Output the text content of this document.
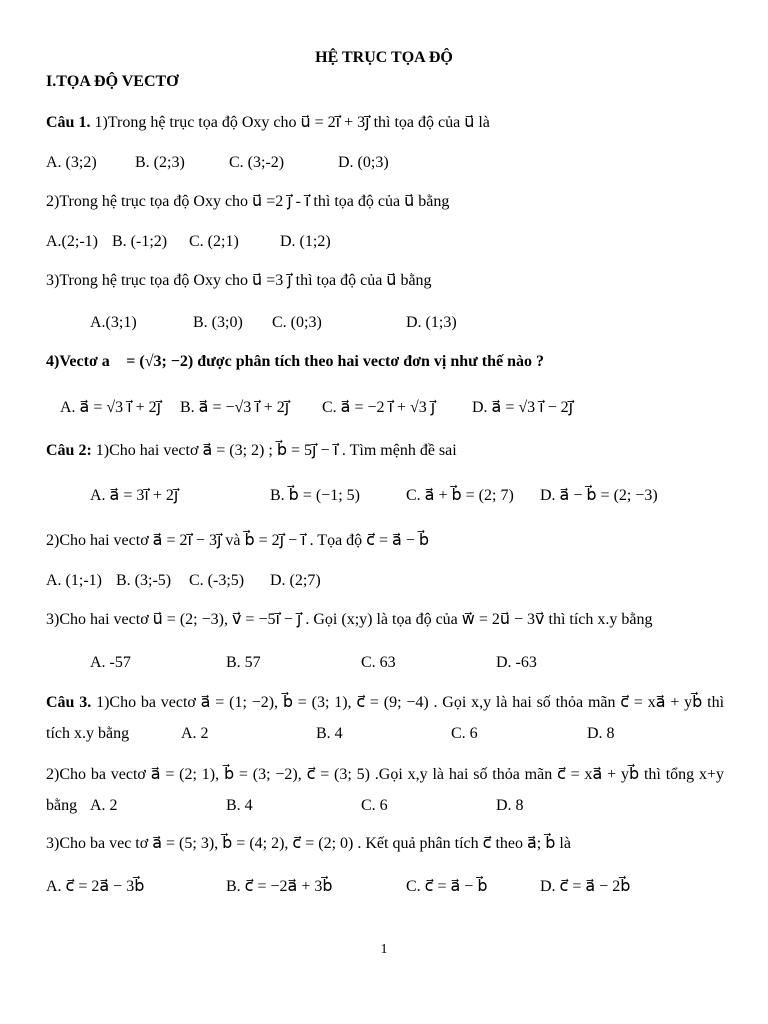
HỆ TRỤC TỌA ĐỘ
I.TỌA ĐỘ VECTƠ
Câu 1. 1)Trong hệ trục tọa độ Oxy cho u⃗ = 2i⃗ + 3j⃗ thì tọa độ của u⃗ là
A. (3;2) B. (2;3)	C. (3;-2)	D. (0;3)
2)Trong hệ trục tọa độ Oxy cho u⃗ =2 j⃗ - i⃗ thì tọa độ của u⃗ bằng
A.(2;-1) B. (-1;2) C. (2;1)	D. (1;2)
3)Trong hệ trục tọa độ Oxy cho u⃗ =3 j⃗ thì tọa độ của u⃗ bằng
A.(3;1)	B. (3;0) C. (0;3)	D. (1;3)
4)Vectơ a⃗ = (√3; −2) được phân tích theo hai vectơ đơn vị như thế nào ?
A. a⃗ = √3 i⃗ + 2j⃗ B. a⃗ = −√3 i⃗ + 2j⃗ C. a⃗ = −2 i⃗ + √3 j⃗ D. a⃗ = √3 i⃗ − 2j⃗
Câu 2: 1)Cho hai vectơ a⃗ = (3; 2) ; b⃗ = 5j⃗ − i⃗ . Tìm mệnh đề sai
A. a⃗ = 3i⃗ + 2j⃗	B. b⃗ = (−1; 5)	C. a⃗ + b⃗ = (2; 7) D. a⃗ − b⃗ = (2; −3)
2)Cho hai vectơ a⃗ = 2i⃗ − 3j⃗ và b⃗ = 2j⃗ − i⃗ . Tọa độ c⃗ = a⃗ − b⃗
A. (1;-1) B. (3;-5) C. (-3;5) D. (2;7)
3)Cho hai vectơ u⃗ = (2; −3), v⃗ = −5i⃗ − j⃗ . Gọi (x;y) là tọa độ của w⃗ = 2u⃗ − 3v⃗ thì tích x.y bằng
A. -57	B. 57	C. 63	D. -63
Câu 3. 1)Cho ba vectơ a⃗ = (1; −2), b⃗ = (3; 1), c⃗ = (9; −4) . Gọi x,y là hai số thỏa mãn c⃗ = xa⃗ + yb⃗ thì
tích x.y bằng	A. 2	B. 4	C. 6	D. 8
2)Cho ba vectơ a⃗ = (2; 1), b⃗ = (3; −2), c⃗ = (3; 5) .Gọi x,y là hai số thỏa mãn c⃗ = xa⃗ + yb⃗ thì tổng x+y
bằng A. 2	B. 4	C. 6	D. 8
3)Cho ba vec tơ a⃗ = (5; 3), b⃗ = (4; 2), c⃗ = (2; 0) . Kết quả phân tích c⃗ theo a⃗; b⃗ là
A. c⃗ = 2a⃗ − 3b⃗	B. c⃗ = −2a⃗ + 3b⃗	C. c⃗ = a⃗ − b⃗	D. c⃗ = a⃗ − 2b⃗
1
